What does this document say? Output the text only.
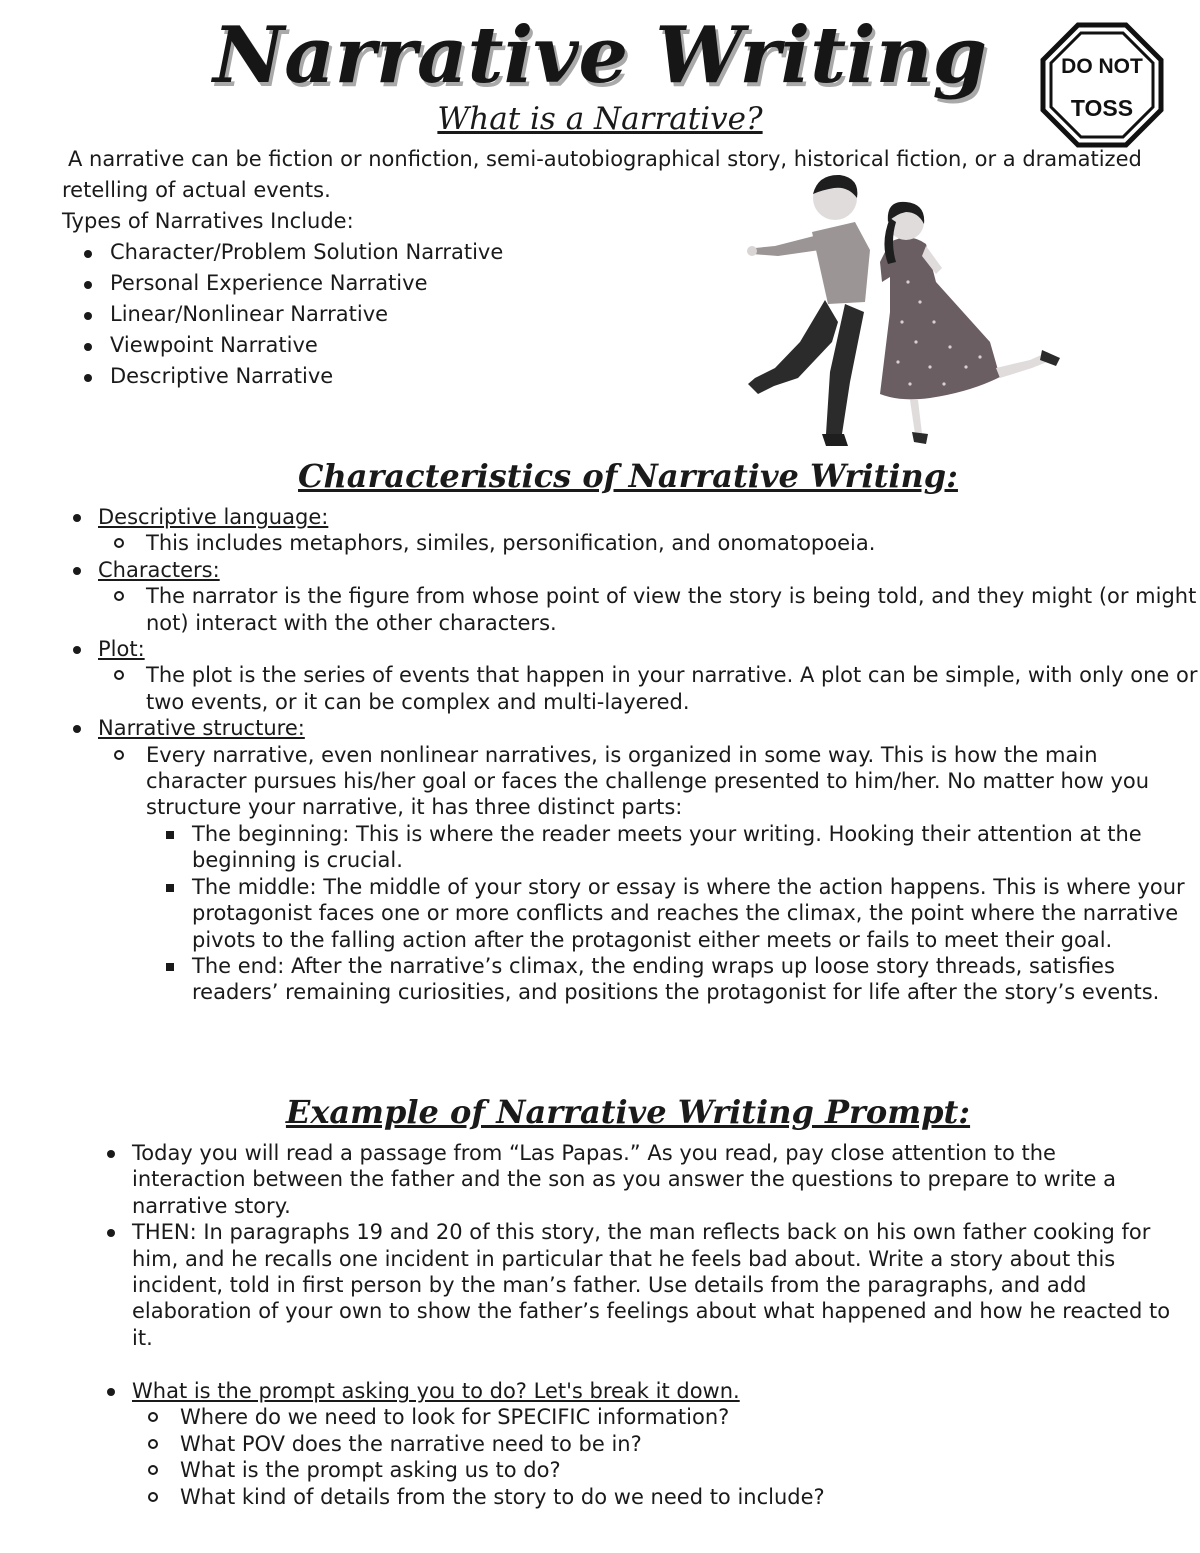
Narrative Writing
What is a Narrative?
DO NOT
TOSS

A narrative can be fiction or nonfiction, semi-autobiographical story, historical fiction, or a dramatized retelling of actual events.

Types of Narratives Include:

Character/Problem Solution Narrative
Personal Experience Narrative
Linear/Nonlinear Narrative
Viewpoint Narrative
Descriptive Narrative
Characteristics of Narrative Writing:
Descriptive language:
This includes metaphors, similes, personification, and onomatopoeia.
Characters:
The narrator is the figure from whose point of view the story is being told, and they might (or might not) interact with the other characters.
Plot:
The plot is the series of events that happen in your narrative. A plot can be simple, with only one or two events, or it can be complex and multi-layered.
Narrative structure:
Every narrative, even nonlinear narratives, is organized in some way. This is how the main character pursues his/her goal or faces the challenge presented to him/her. No matter how you structure your narrative, it has three distinct parts:
The beginning: This is where the reader meets your writing. Hooking their attention at the beginning is crucial.
The middle: The middle of your story or essay is where the action happens. This is where your protagonist faces one or more conflicts and reaches the climax, the point where the narrative pivots to the falling action after the protagonist either meets or fails to meet their goal.
The end: After the narrative’s climax, the ending wraps up loose story threads, satisfies readers’ remaining curiosities, and positions the protagonist for life after the story’s events.
Example of Narrative Writing Prompt:
Today you will read a passage from “Las Papas.” As you read, pay close attention to the interaction between the father and the son as you answer the questions to prepare to write a narrative story.
THEN: In paragraphs 19 and 20 of this story, the man reflects back on his own father cooking for him, and he recalls one incident in particular that he feels bad about. Write a story about this incident, told in first person by the man’s father. Use details from the paragraphs, and add elaboration of your own to show the father’s feelings about what happened and how he reacted to it.
What is the prompt asking you to do? Let's break it down.
Where do we need to look for SPECIFIC information?
What POV does the narrative need to be in?
What is the prompt asking us to do?
What kind of details from the story to do we need to include?
